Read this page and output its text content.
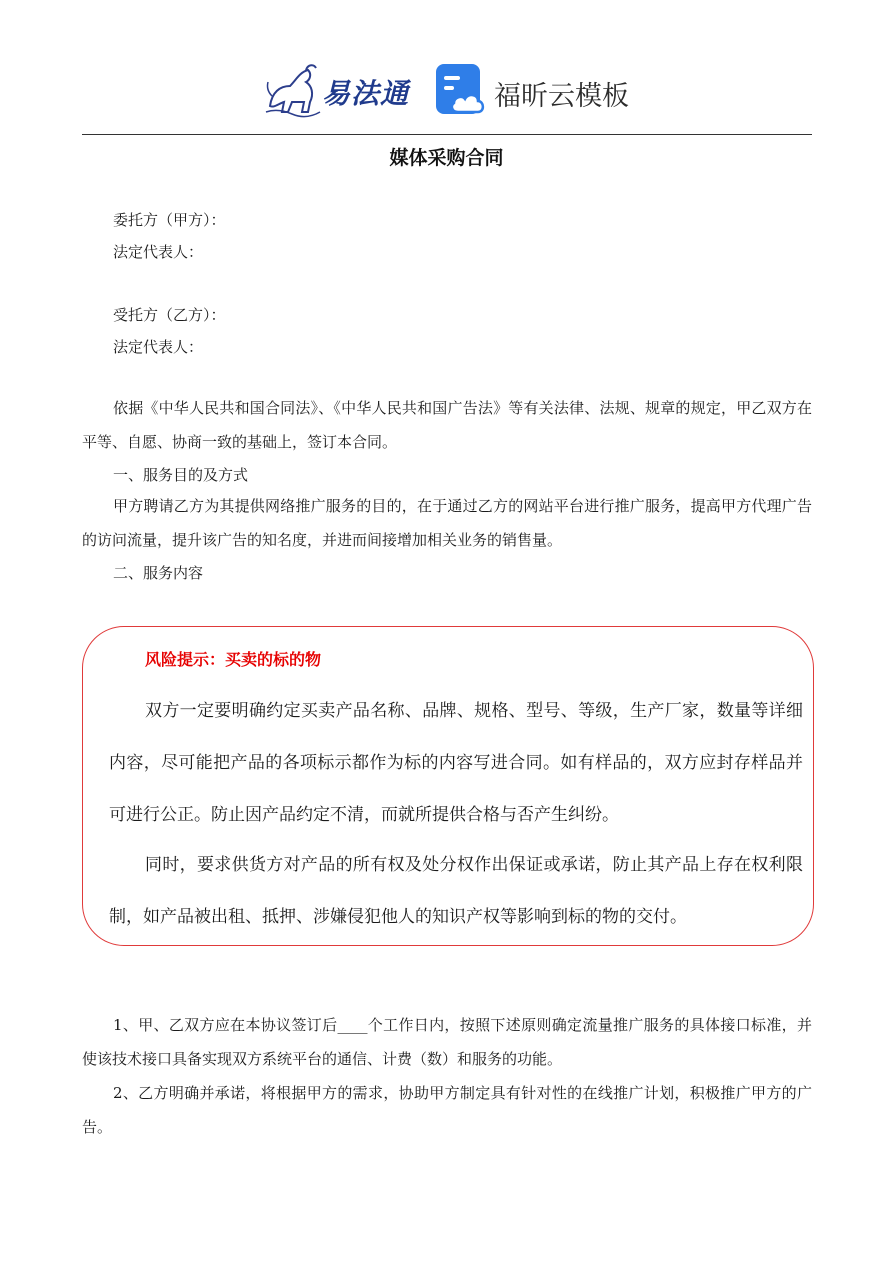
易法通	福昕云模板
媒体采购合同
委托方（甲方）：
法定代表人：
受托方（乙方）：
法定代表人：

依据《中华人民共和国合同法》、《中华人民共和国广告法》等有关法律、法规、规章的规定，甲乙双方在平等、自愿、协商一致的基础上，签订本合同。

一、服务目的及方式

甲方聘请乙方为其提供网络推广服务的目的，在于通过乙方的网站平台进行推广服务，提高甲方代理广告的访问流量，提升该广告的知名度，并进而间接增加相关业务的销售量。

二、服务内容
风险提示：买卖的标的物

双方一定要明确约定买卖产品名称、品牌、规格、型号、等级，生产厂家，数量等详细内容，尽可能把产品的各项标示都作为标的内容写进合同。如有样品的，双方应封存样品并可进行公正。防止因产品约定不清，而就所提供合格与否产生纠纷。

同时，要求供货方对产品的所有权及处分权作出保证或承诺，防止其产品上存在权利限制，如产品被出租、抵押、涉嫌侵犯他人的知识产权等影响到标的物的交付。

1、甲、乙双方应在本协议签订后____个工作日内，按照下述原则确定流量推广服务的具体接口标准，并使该技术接口具备实现双方系统平台的通信、计费（数）和服务的功能。

2、乙方明确并承诺，将根据甲方的需求，协助甲方制定具有针对性的在线推广计划，积极推广甲方的广告。
